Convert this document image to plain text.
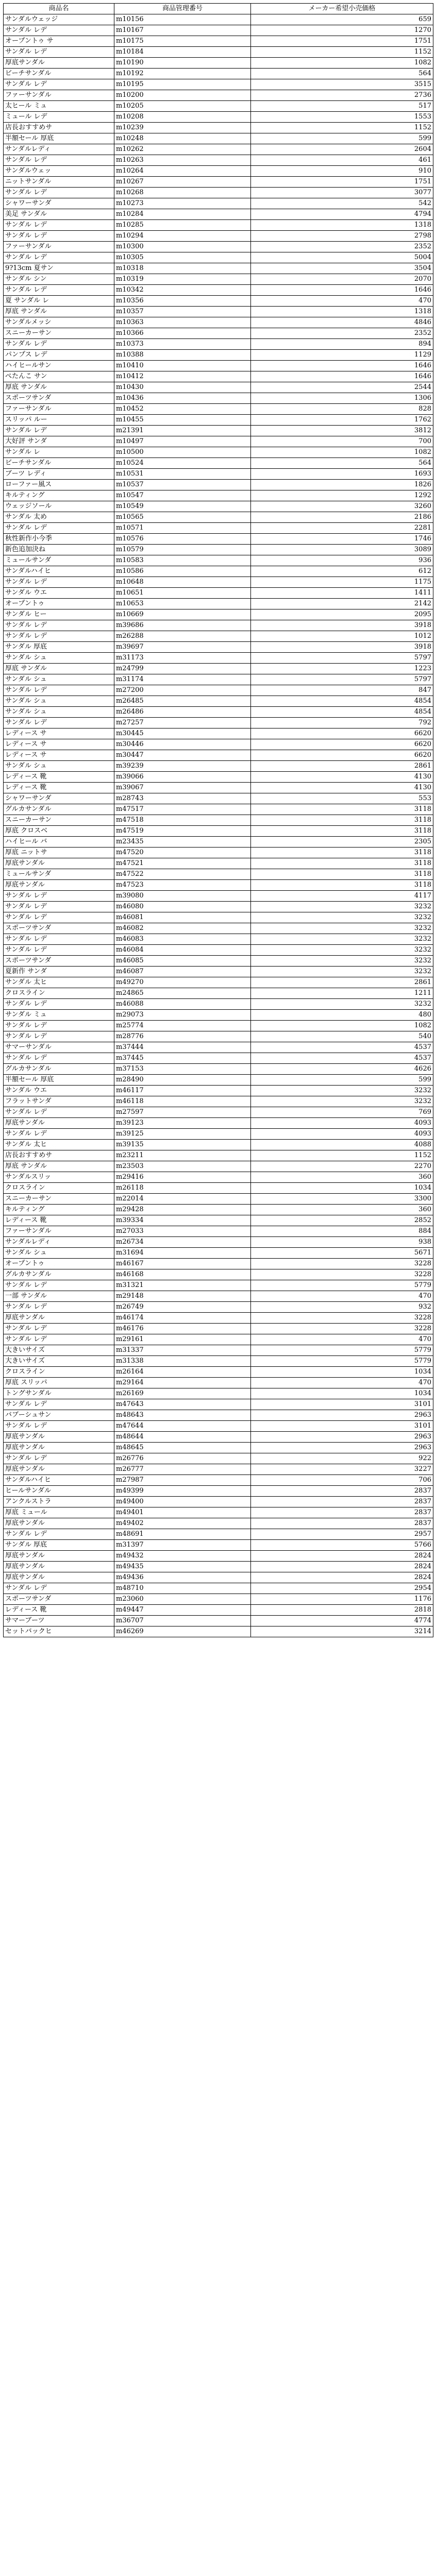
商品名	商品管理番号	メーカー希望小売価格
サンダルウェッジ	m10156	659
サンダル レデ	m10167	1270
オープントゥ サ	m10175	1751
サンダル レデ	m10184	1152
厚底サンダル	m10190	1082
ビーチサンダル	m10192	564
サンダル レデ	m10195	3515
ファーサンダル	m10200	2736
太ヒール ミュ	m10205	517
ミュール レデ	m10208	1553
店長おすすめサ	m10239	1152
半額セール 厚底	m10248	599
サンダルレディ	m10262	2604
サンダル レデ	m10263	461
サンダルウェッ	m10264	910
ニットサンダル	m10267	1751
サンダル レデ	m10268	3077
シャワーサンダ	m10273	542
美足 サンダル	m10284	4794
サンダル レデ	m10285	1318
サンダル レデ	m10294	2798
ファーサンダル	m10300	2352
サンダル レデ	m10305	5004
9?13cm 夏サン	m10318	3504
サンダル シン	m10319	2070
サンダル レデ	m10342	1646
夏 サンダル レ	m10356	470
厚底 サンダル	m10357	1318
サンダルメッシ	m10363	4846
スニーカーサン	m10366	2352
サンダル レデ	m10373	894
パンプス レデ	m10388	1129
ハイヒールサン	m10410	1646
ぺたんこ サン	m10412	1646
厚底 サンダル	m10430	2544
スポーツサンダ	m10436	1306
ファーサンダル	m10452	828
スリッパ ルー	m10455	1762
サンダル レデ	m21391	3812
大好評 サンダ	m10497	700
サンダル レ	m10500	1082
ビーチサンダル	m10524	564
ブーツ レディ	m10531	1693
ローファー風ス	m10537	1826
キルティング	m10547	1292
ウェッジソール	m10549	3260
サンダル 太め	m10565	2186
サンダル レデ	m10571	2281
秋性新作小今季	m10576	1746
新色追加決ね	m10579	3089
ミュールサンダ	m10583	936
サンダルハイヒ	m10586	612
サンダル レデ	m10648	1175
サンダル ウエ	m10651	1411
オープントゥ	m10653	2142
サンダル ヒー	m10669	2095
サンダル レデ	m39686	3918
サンダル レデ	m26288	1012
サンダル 厚底	m39697	3918
サンダル シュ	m31173	5797
厚底 サンダル	m24799	1223
サンダル シュ	m31174	5797
サンダル レデ	m27200	847
サンダル シュ	m26485	4854
サンダル シュ	m26486	4854
サンダル レデ	m27257	792
レディース サ	m30445	6620
レディース サ	m30446	6620
レディース サ	m30447	6620
サンダル シュ	m39239	2861
レディース 靴	m39066	4130
レディース 靴	m39067	4130
シャワーサンダ	m28743	553
グルカサンダル	m47517	3118
スニーカーサン	m47518	3118
厚底 クロスベ	m47519	3118
ハイヒール バ	m23435	2305
厚底 ニットサ	m47520	3118
厚底サンダル	m47521	3118
ミュールサンダ	m47522	3118
厚底サンダル	m47523	3118
サンダル レデ	m39080	4117
サンダル レデ	m46080	3232
サンダル レデ	m46081	3232
スポーツサンダ	m46082	3232
サンダル レデ	m46083	3232
サンダル レデ	m46084	3232
スポーツサンダ	m46085	3232
夏新作 サンダ	m46087	3232
サンダル 太ヒ	m49270	2861
クロスライン	m24865	1211
サンダル レデ	m46088	3232
サンダル ミュ	m29073	480
サンダル レデ	m25774	1082
サンダル レデ	m28776	540
サマーサンダル	m37444	4537
サンダル レデ	m37445	4537
グルカサンダル	m37153	4626
半額セール 厚底	m28490	599
サンダル ウエ	m46117	3232
フラットサンダ	m46118	3232
サンダル レデ	m27597	769
厚底サンダル	m39123	4093
サンダル レデ	m39125	4093
サンダル 太ヒ	m39135	4088
店長おすすめサ	m23211	1152
厚底 サンダル	m23503	2270
サンダルスリッ	m29416	360
クロスライン	m26118	1034
スニーカーサン	m22014	3300
キルティング	m29428	360
レディース 靴	m39334	2852
ファーサンダル	m27033	884
サンダルレディ	m26734	938
サンダル シュ	m31694	5671
オープントゥ	m46167	3228
グルカサンダル	m46168	3228
サンダル レデ	m31321	5779
一部 サンダル	m29148	470
サンダル レデ	m26749	932
厚底サンダル	m46174	3228
サンダル レデ	m46176	3228
サンダル レデ	m29161	470
大きいサイズ	m31337	5779
大きいサイズ	m31338	5779
クロスライン	m26164	1034
厚底 スリッパ	m29164	470
トングサンダル	m26169	1034
サンダル レデ	m47643	3101
バブーシュサン	m48643	2963
サンダル レデ	m47644	3101
厚底サンダル	m48644	2963
厚底サンダル	m48645	2963
サンダル レデ	m26776	922
厚底サンダル	m26777	3227
サンダルハイヒ	m27987	706
ヒールサンダル	m49399	2837
アンクルストラ	m49400	2837
厚底 ミュール	m49401	2837
厚底サンダル	m49402	2837
サンダル レデ	m48691	2957
サンダル 厚底	m31397	5766
厚底サンダル	m49432	2824
厚底サンダル	m49435	2824
厚底サンダル	m49436	2824
サンダル レデ	m48710	2954
スポーツサンダ	m23060	1176
レディース 靴	m49447	2818
サマーブーツ	m36707	4774
セットバックヒ	m46269	3214
